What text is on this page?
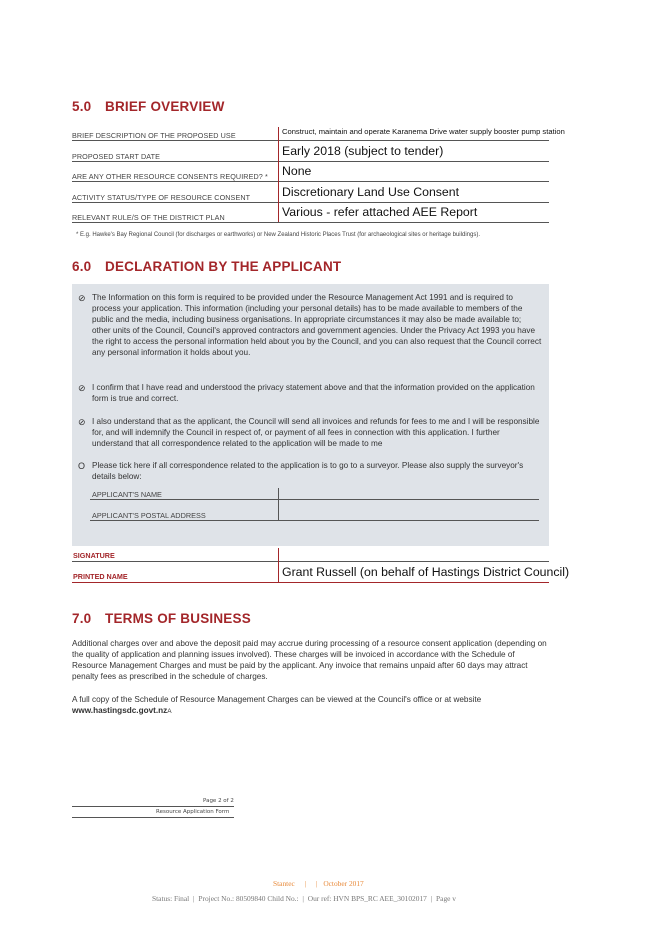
5.0 BRIEF OVERVIEW
BRIEF DESCRIPTION OF THE PROPOSED USE	Construct, maintain and operate Karanema Drive water supply booster pump station
PROPOSED START DATE	Early 2018 (subject to tender)
ARE ANY OTHER RESOURCE CONSENTS REQUIRED? * None
ACTIVITY STATUS/TYPE OF RESOURCE CONSENT	Discretionary Land Use Consent
RELEVANT RULE/S OF THE DISTRICT PLAN	Various - refer attached AEE Report
* E.g. Hawke's Bay Regional Council (for discharges or earthworks) or New Zealand Historic Places Trust (for archaeological sites or heritage buildings).
6.0 DECLARATION BY THE APPLICANT
⊘ The Information on this form is required to be provided under the Resource Management Act 1991 and is required to process your application. This information (including your personal details) has to be made available to members of the public and the media, including business organisations. In appropriate circumstances it may also be made available to; other units of the Council, Council's approved contractors and government agencies. Under the Privacy Act 1993 you have the right to access the personal information held about you by the Council, and you can also request that the Council correct any personal information it holds about you.
⊘ I confirm that I have read and understood the privacy statement above and that the information provided on the application form is true and correct.
⊘ I also understand that as the applicant, the Council will send all invoices and refunds for fees to me and I will be responsible for, and will indemnify the Council in respect of, or payment of all fees in connection with this application. I further understand that all correspondence related to the application will be made to me
O Please tick here if all correspondence related to the application is to go to a surveyor. Please also supply the surveyor's details below:
APPLICANT'S NAME
APPLICANT'S POSTAL ADDRESS
SIGNATURE
PRINTED NAME	Grant Russell (on behalf of Hastings District Council)
7.0 TERMS OF BUSINESS
Additional charges over and above the deposit paid may accrue during processing of a resource consent application (depending on the quality of application and planning issues involved). These charges will be invoiced in accordance with the Schedule of Resource Management Charges and must be paid by the applicant. Any invoice that remains unpaid after 60 days may attract penalty fees as prescribed in the schedule of charges.
A full copy of the Schedule of Resource Management Charges can be viewed at the Council's office or at website
www.hastingsdc.govt.nzA
Page 2 of 2
Resource Application Form
Stantec | | October 2017
Status: Final | Project No.: 80509840 Child No.: | Our ref: HVN BPS_RC AEE_30102017 | Page v
